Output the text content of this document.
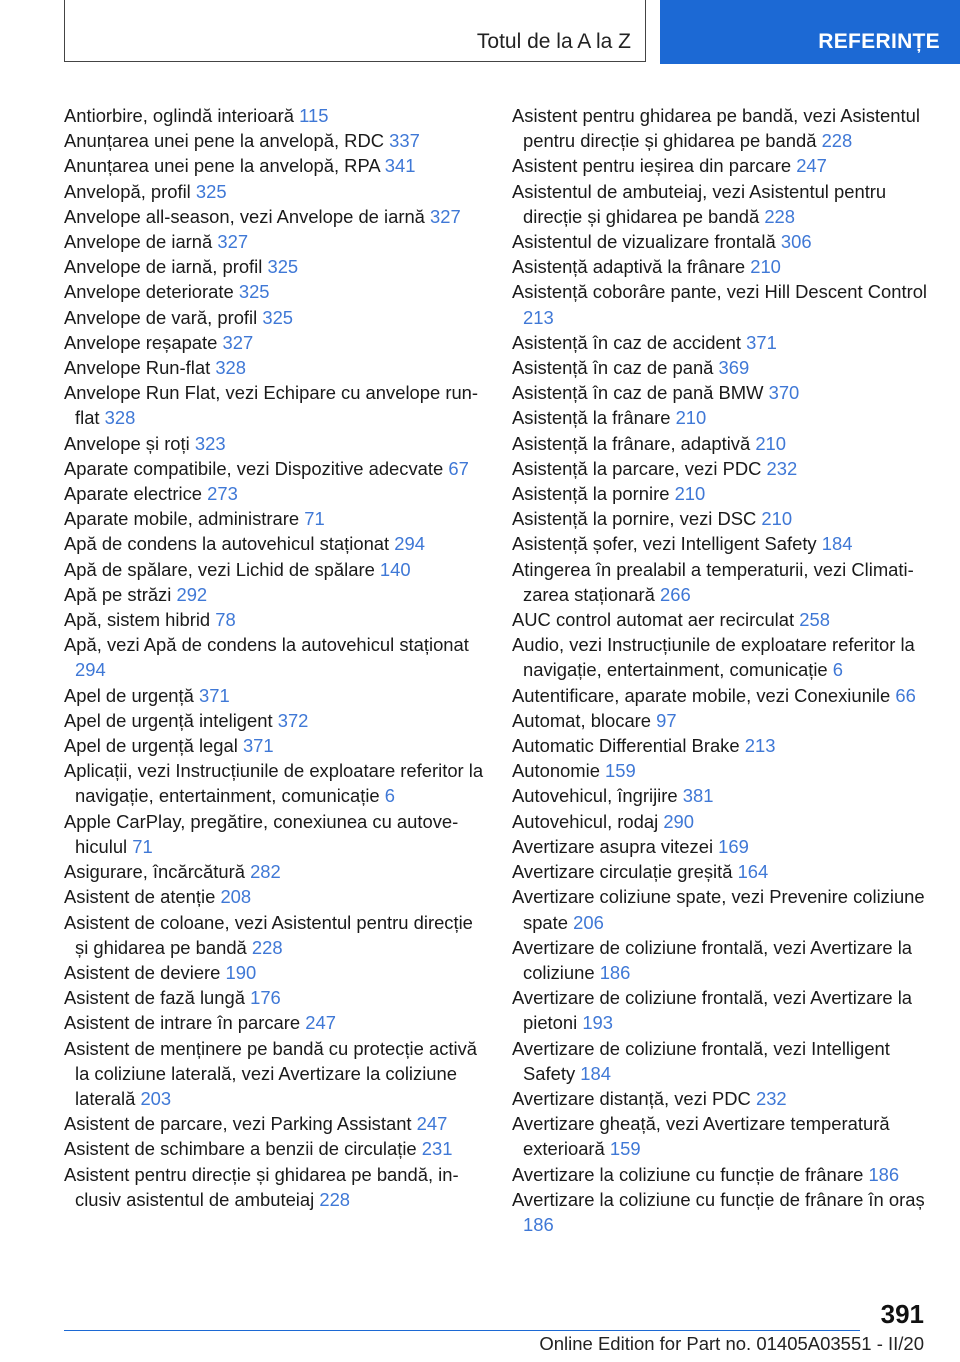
Totul de la A la Z	REFERINȚE
Antiorbire, oglindă interioară 115
Anunțarea unei pene la anvelopă, RDC 337
Anunțarea unei pene la anvelopă, RPA 341
Anvelopă, profil 325
Anvelope all-season, vezi Anvelope de iarnă 327
Anvelope de iarnă 327
Anvelope de iarnă, profil 325
Anvelope deteriorate 325
Anvelope de vară, profil 325
Anvelope reșapate 327
Anvelope Run-flat 328
Anvelope Run Flat, vezi Echipare cu anvelope run-flat 328
Anvelope și roți 323
Aparate compatibile, vezi Dispozitive adecvate 67
Aparate electrice 273
Aparate mobile, administrare 71
Apă de condens la autovehicul staționat 294
Apă de spălare, vezi Lichid de spălare 140
Apă pe străzi 292
Apă, sistem hibrid 78
Apă, vezi Apă de condens la autovehicul staționat 294
Apel de urgență 371
Apel de urgență inteligent 372
Apel de urgență legal 371
Aplicații, vezi Instrucțiunile de exploatare referitor la navigație, entertainment, comunicație 6
Apple CarPlay, pregătire, conexiunea cu autovehiculul 71
Asigurare, încărcătură 282
Asistent de atenție 208
Asistent de coloane, vezi Asistentul pentru direcție și ghidarea pe bandă 228
Asistent de deviere 190
Asistent de fază lungă 176
Asistent de intrare în parcare 247
Asistent de menținere pe bandă cu protecție activă la coliziune laterală, vezi Avertizare la coliziune laterală 203
Asistent de parcare, vezi Parking Assistant 247
Asistent de schimbare a benzii de circulație 231
Asistent pentru direcție și ghidarea pe bandă, inclusiv asistentul de ambuteiaj 228
Asistent pentru ghidarea pe bandă, vezi Asistentul pentru direcție și ghidarea pe bandă 228
Asistent pentru ieșirea din parcare 247
Asistentul de ambuteiaj, vezi Asistentul pentru direcție și ghidarea pe bandă 228
Asistentul de vizualizare frontală 306
Asistență adaptivă la frânare 210
Asistență coborâre pante, vezi Hill Descent Control 213
Asistență în caz de accident 371
Asistență în caz de pană 369
Asistență în caz de pană BMW 370
Asistență la frânare 210
Asistență la frânare, adaptivă 210
Asistență la parcare, vezi PDC 232
Asistență la pornire 210
Asistență la pornire, vezi DSC 210
Asistență șofer, vezi Intelligent Safety 184
Atingerea în prealabil a temperaturii, vezi Climatizarea staționară 266
AUC control automat aer recirculat 258
Audio, vezi Instrucțiunile de exploatare referitor la navigație, entertainment, comunicație 6
Autentificare, aparate mobile, vezi Conexiunile 66
Automat, blocare 97
Automatic Differential Brake 213
Autonomie 159
Autovehicul, îngrijire 381
Autovehicul, rodaj 290
Avertizare asupra vitezei 169
Avertizare circulație greșită 164
Avertizare coliziune spate, vezi Prevenire coliziune spate 206
Avertizare de coliziune frontală, vezi Avertizare la coliziune 186
Avertizare de coliziune frontală, vezi Avertizare la pietoni 193
Avertizare de coliziune frontală, vezi Intelligent Safety 184
Avertizare distanță, vezi PDC 232
Avertizare gheață, vezi Avertizare temperatură exterioară 159
Avertizare la coliziune cu funcție de frânare 186
Avertizare la coliziune cu funcție de frânare în oraș 186
391
Online Edition for Part no. 01405A03551 - II/20
